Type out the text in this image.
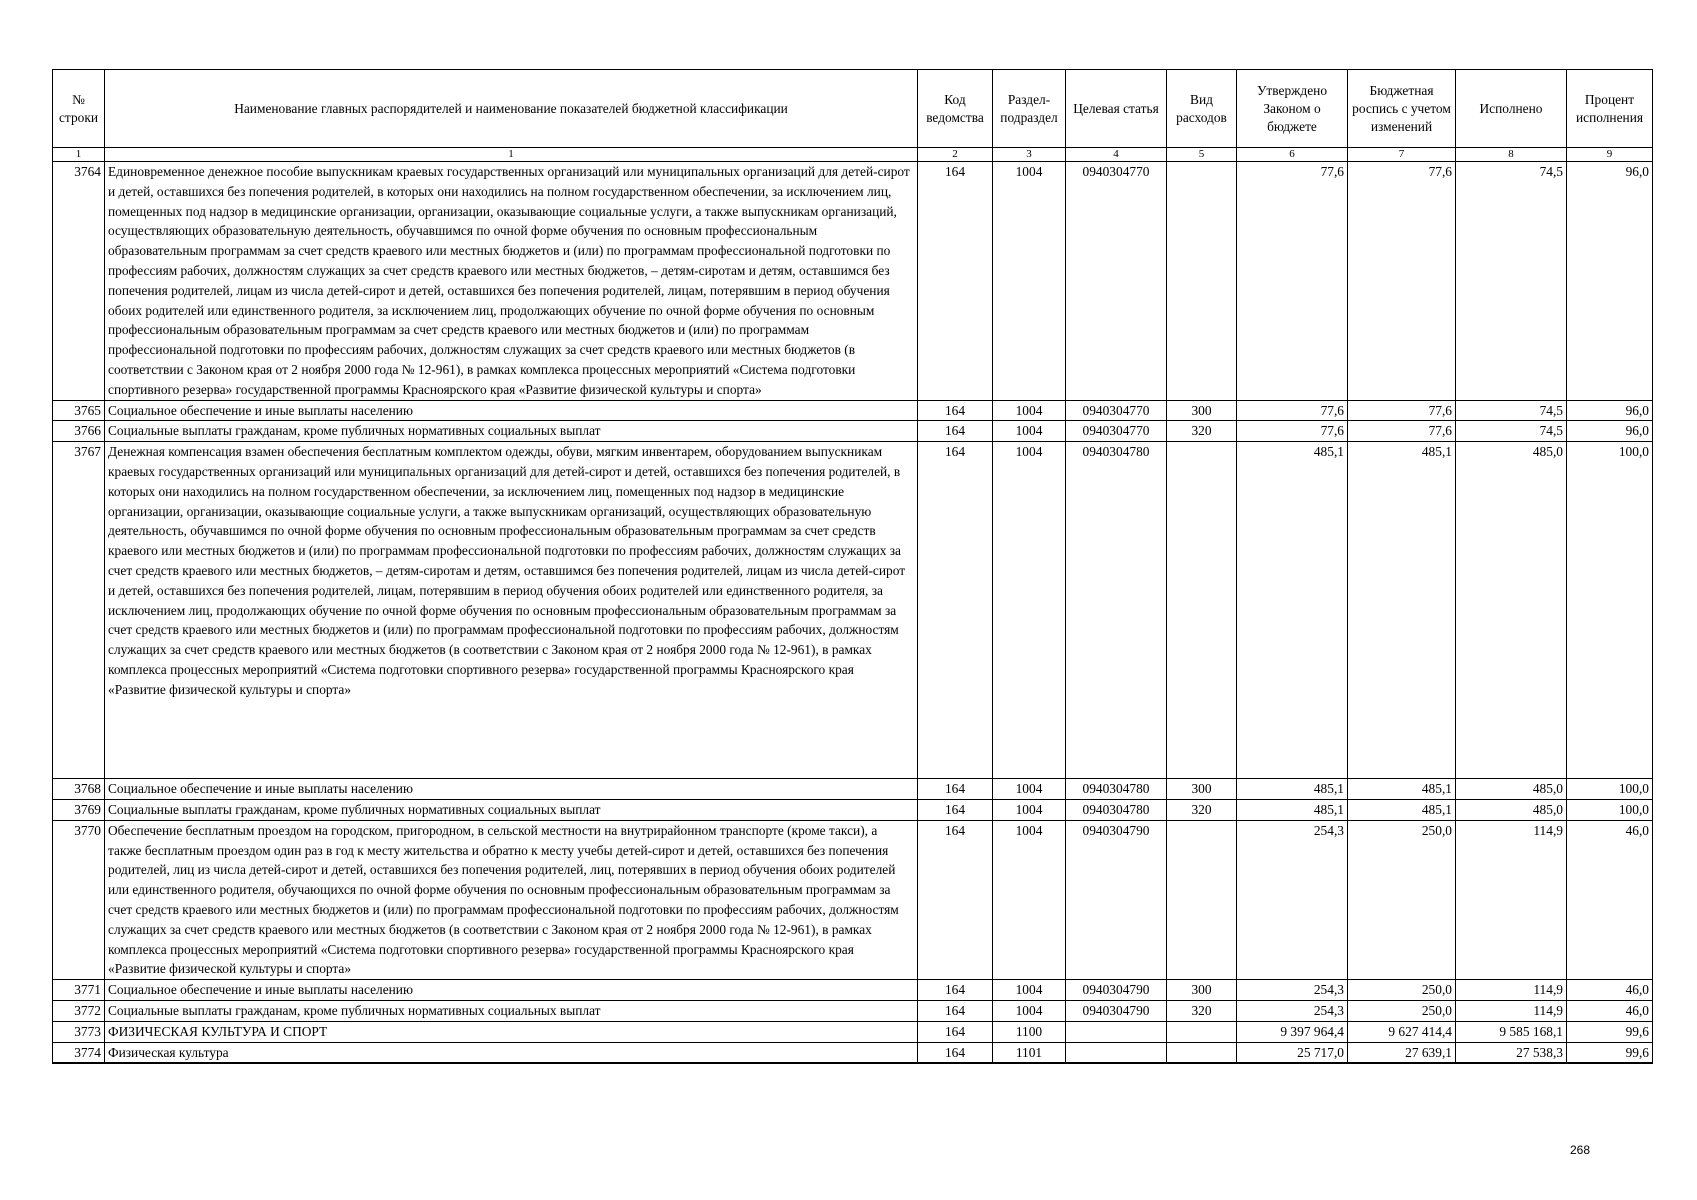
№ строки	Наименование главных распорядителей и наименование показателей бюджетной классификации	Код ведомства	Раздел-подраздел	Целевая статья	Вид расходов	Утверждено Законом о бюджете	Бюджетная роспись с учетом изменений	Исполнено	Процент исполнения
1	1	2	3	4	5	6	7	8	9
3764	Единовременное денежное пособие выпускникам краевых государственных организаций или муниципальных организаций для детей-сирот и детей, оставшихся без попечения родителей, в которых они находились на полном государственном обеспечении, за исключением лиц, помещенных под надзор в медицинские организации, организации, оказывающие социальные услуги, а также выпускникам организаций, осуществляющих образовательную деятельность, обучавшимся по очной форме обучения по основным профессиональным образовательным программам за счет средств краевого или местных бюджетов и (или) по программам профессиональной подготовки по профессиям рабочих, должностям служащих за счет средств краевого или местных бюджетов, – детям-сиротам и детям, оставшимся без попечения родителей, лицам из числа детей-сирот и детей, оставшихся без попечения родителей, лицам, потерявшим в период обучения обоих родителей или единственного родителя, за исключением лиц, продолжающих обучение по очной форме обучения по основным профессиональным образовательным программам за счет средств краевого или местных бюджетов и (или) по программам профессиональной подготовки по профессиям рабочих, должностям служащих за счет средств краевого или местных бюджетов (в соответствии с Законом края от 2 ноября 2000 года № 12-961), в рамках комплекса процессных мероприятий «Система подготовки спортивного резерва» государственной программы Красноярского края «Развитие физической культуры и спорта»	164	1004	0940304770		77,6	77,6	74,5	96,0
3765	Социальное обеспечение и иные выплаты населению	164	1004	0940304770	300	77,6	77,6	74,5	96,0
3766	Социальные выплаты гражданам, кроме публичных нормативных социальных выплат	164	1004	0940304770	320	77,6	77,6	74,5	96,0
3767	Денежная компенсация взамен обеспечения бесплатным комплектом одежды, обуви, мягким инвентарем, оборудованием выпускникам краевых государственных организаций или муниципальных организаций для детей-сирот и детей, оставшихся без попечения родителей, в которых они находились на полном государственном обеспечении, за исключением лиц, помещенных под надзор в медицинские организации, организации, оказывающие социальные услуги, а также выпускникам организаций, осуществляющих образовательную деятельность, обучавшимся по очной форме обучения по основным профессиональным образовательным программам за счет средств краевого или местных бюджетов и (или) по программам профессиональной подготовки по профессиям рабочих, должностям служащих за счет средств краевого или местных бюджетов, – детям-сиротам и детям, оставшимся без попечения родителей, лицам из числа детей-сирот и детей, оставшихся без попечения родителей, лицам, потерявшим в период обучения обоих родителей или единственного родителя, за исключением лиц, продолжающих обучение по очной форме обучения по основным профессиональным образовательным программам за счет средств краевого или местных бюджетов и (или) по программам профессиональной подготовки по профессиям рабочих, должностям служащих за счет средств краевого или местных бюджетов (в соответствии с Законом края от 2 ноября 2000 года № 12-961), в рамках комплекса процессных мероприятий «Система подготовки спортивного резерва» государственной программы Красноярского края «Развитие физической культуры и спорта»	164	1004	0940304780		485,1	485,1	485,0	100,0
3768	Социальное обеспечение и иные выплаты населению	164	1004	0940304780	300	485,1	485,1	485,0	100,0
3769	Социальные выплаты гражданам, кроме публичных нормативных социальных выплат	164	1004	0940304780	320	485,1	485,1	485,0	100,0
3770	Обеспечение бесплатным проездом на городском, пригородном, в сельской местности на внутрирайонном транспорте (кроме такси), а также бесплатным проездом один раз в год к месту жительства и обратно к месту учебы детей-сирот и детей, оставшихся без попечения родителей, лиц из числа детей-сирот и детей, оставшихся без попечения родителей, лиц, потерявших в период обучения обоих родителей или единственного родителя, обучающихся по очной форме обучения по основным профессиональным образовательным программам за счет средств краевого или местных бюджетов и (или) по программам профессиональной подготовки по профессиям рабочих, должностям служащих за счет средств краевого или местных бюджетов (в соответствии с Законом края от 2 ноября 2000 года № 12-961), в рамках комплекса процессных мероприятий «Система подготовки спортивного резерва» государственной программы Красноярского края «Развитие физической культуры и спорта»	164	1004	0940304790		254,3	250,0	114,9	46,0
3771	Социальное обеспечение и иные выплаты населению	164	1004	0940304790	300	254,3	250,0	114,9	46,0
3772	Социальные выплаты гражданам, кроме публичных нормативных социальных выплат	164	1004	0940304790	320	254,3	250,0	114,9	46,0
3773	ФИЗИЧЕСКАЯ КУЛЬТУРА И СПОРТ	164	1100			9 397 964,4	9 627 414,4	9 585 168,1	99,6
3774	Физическая культура	164	1101			25 717,0	27 639,1	27 538,3	99,6

268
